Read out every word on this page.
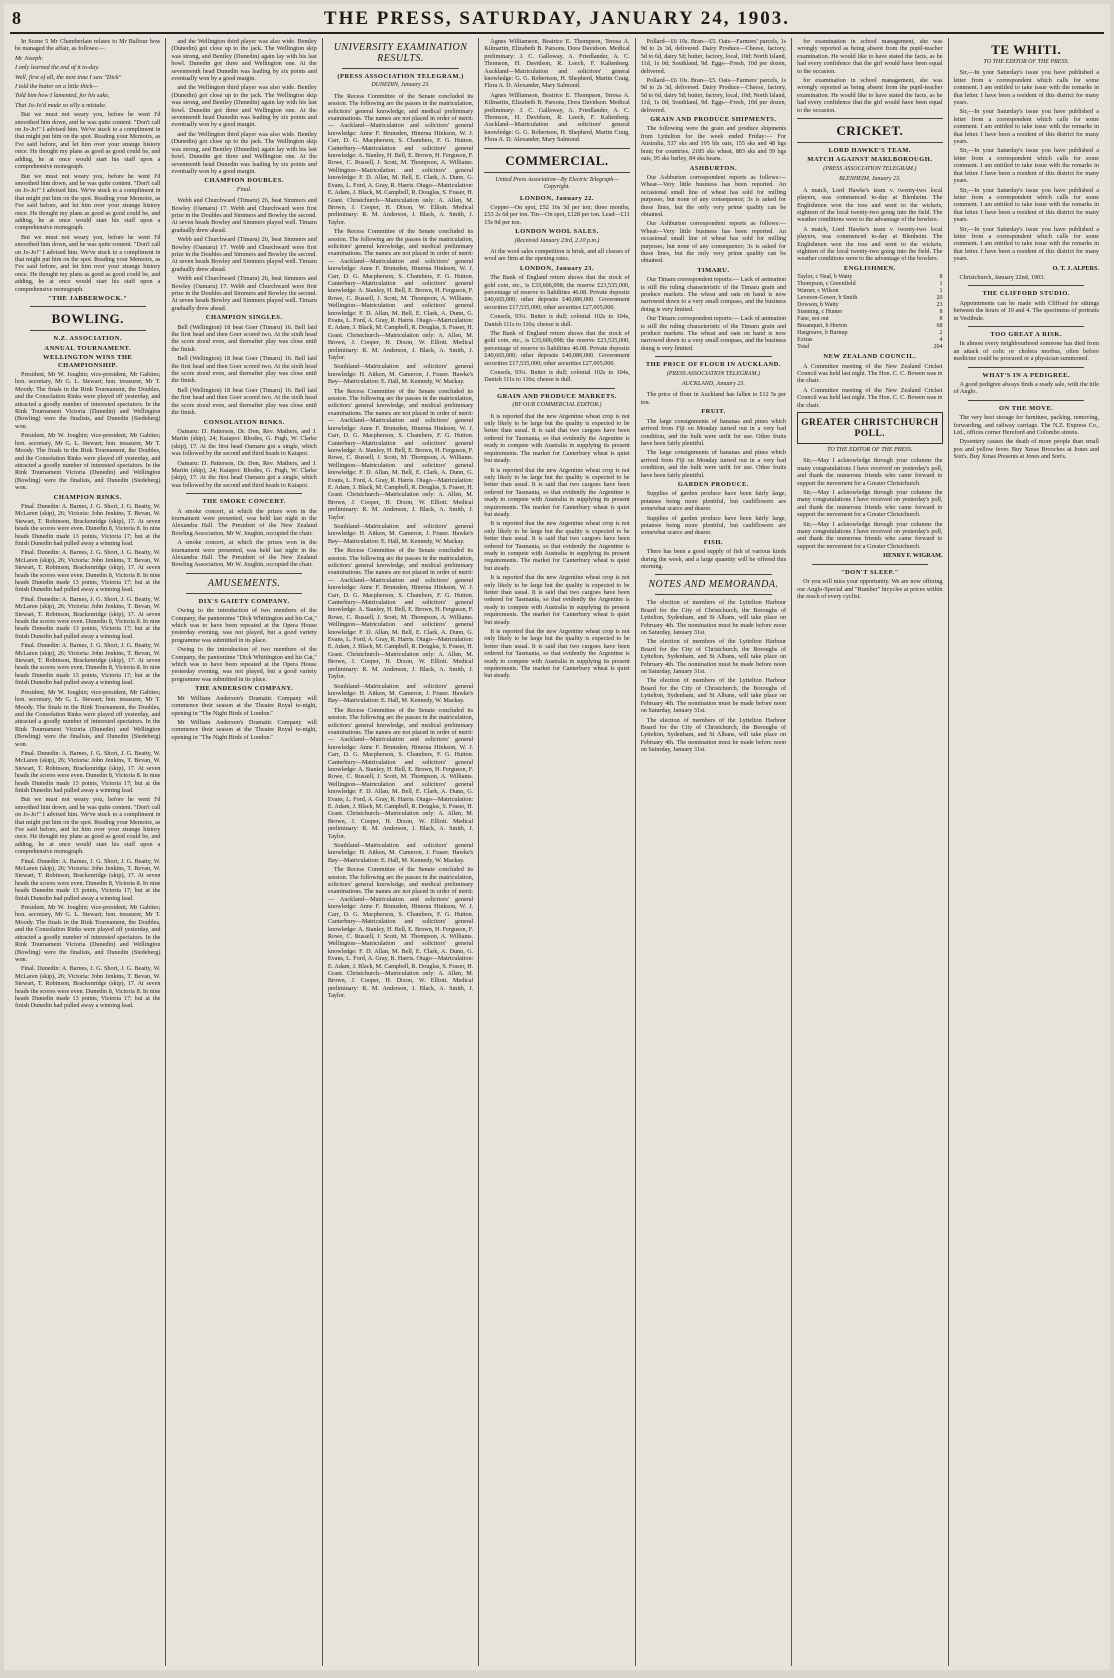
8	THE PRESS, SATURDAY, JANUARY 24, 1903.

In Scene 5 Mr Chamberlain relates to Mr Balfour how he managed the affair, as follows:—

Mr Joseph:

I only learned the end of it to-day.

Well, first of all, the next time I saw "Dick"

I told the butter on a little thick—

Told him how I lamented, for his sake,

That Jo-Jo'd made so silly a mistake.

But we must not weary you, before he went I'd smoothed him down, and he was quite content. "Don't call on Jo-Jo!" I advised him. We've stuck to a compliment in that might put him on the spot. Reading your Memoirs, as I've said before, and let him over your strange history once. He thought my plans as good as good could be, and adding, he at once would start his staff upon a comprehensive monograph.

But we must not weary you, before he went I'd smoothed him down, and he was quite content. "Don't call on Jo-Jo!" I advised him. We've stuck to a compliment in that might put him on the spot. Reading your Memoirs, as I've said before, and let him over your strange history once. He thought my plans as good as good could be, and adding, he at once would start his staff upon a comprehensive monograph.

But we must not weary you, before he went I'd smoothed him down, and he was quite content. "Don't call on Jo-Jo!" I advised him. We've stuck to a compliment in that might put him on the spot. Reading your Memoirs, as I've said before, and let him over your strange history once. He thought my plans as good as good could be, and adding, he at once would start his staff upon a comprehensive monograph.

"THE JABBERWOCK."
BOWLING.
N.Z. ASSOCIATION.
ANNUAL TOURNAMENT.
WELLINGTON WINS THE CHAMPIONSHIP.

President, Mr W. Joughin; vice-president, Mr Gabites; hon. secretary, Mr G. L. Stewart; hon. treasurer, Mr T. Moody. The finals in the Rink Tournament, the Doubles, and the Consolation Rinks were played off yesterday, and attracted a goodly number of interested spectators. In the Rink Tournament Victoria (Dunedin) and Wellington (Bowling) were the finalists, and Dunedin (Siedeberg) won.

President, Mr W. Joughin; vice-president, Mr Gabites; hon. secretary, Mr G. L. Stewart; hon. treasurer, Mr T. Moody. The finals in the Rink Tournament, the Doubles, and the Consolation Rinks were played off yesterday, and attracted a goodly number of interested spectators. In the Rink Tournament Victoria (Dunedin) and Wellington (Bowling) were the finalists, and Dunedin (Siedeberg) won.

CHAMPION RINKS.

Final. Dunedin: A. Barnes, J. G. Short, J. G. Beatty, W. McLaren (skip), 26; Victoria: John Jenkins, T. Bevan, W. Stewart, T. Robinson, Brackenridge (skip), 17. At seven heads the scores were even. Dunedin 8, Victoria 8. In nine heads Dunedin made 13 points, Victoria 17; but at the finish Dunedin had pulled away a winning lead.

Final. Dunedin: A. Barnes, J. G. Short, J. G. Beatty, W. McLaren (skip), 26; Victoria: John Jenkins, T. Bevan, W. Stewart, T. Robinson, Brackenridge (skip), 17. At seven heads the scores were even. Dunedin 8, Victoria 8. In nine heads Dunedin made 13 points, Victoria 17; but at the finish Dunedin had pulled away a winning lead.

Final. Dunedin: A. Barnes, J. G. Short, J. G. Beatty, W. McLaren (skip), 26; Victoria: John Jenkins, T. Bevan, W. Stewart, T. Robinson, Brackenridge (skip), 17. At seven heads the scores were even. Dunedin 8, Victoria 8. In nine heads Dunedin made 13 points, Victoria 17; but at the finish Dunedin had pulled away a winning lead.

Final. Dunedin: A. Barnes, J. G. Short, J. G. Beatty, W. McLaren (skip), 26; Victoria: John Jenkins, T. Bevan, W. Stewart, T. Robinson, Brackenridge (skip), 17. At seven heads the scores were even. Dunedin 8, Victoria 8. In nine heads Dunedin made 13 points, Victoria 17; but at the finish Dunedin had pulled away a winning lead.

President, Mr W. Joughin; vice-president, Mr Gabites; hon. secretary, Mr G. L. Stewart; hon. treasurer, Mr T. Moody. The finals in the Rink Tournament, the Doubles, and the Consolation Rinks were played off yesterday, and attracted a goodly number of interested spectators. In the Rink Tournament Victoria (Dunedin) and Wellington (Bowling) were the finalists, and Dunedin (Siedeberg) won.

Final. Dunedin: A. Barnes, J. G. Short, J. G. Beatty, W. McLaren (skip), 26; Victoria: John Jenkins, T. Bevan, W. Stewart, T. Robinson, Brackenridge (skip), 17. At seven heads the scores were even. Dunedin 8, Victoria 8. In nine heads Dunedin made 13 points, Victoria 17; but at the finish Dunedin had pulled away a winning lead.

But we must not weary you, before he went I'd smoothed him down, and he was quite content. "Don't call on Jo-Jo!" I advised him. We've stuck to a compliment in that might put him on the spot. Reading your Memoirs, as I've said before, and let him over your strange history once. He thought my plans as good as good could be, and adding, he at once would start his staff upon a comprehensive monograph.

Final. Dunedin: A. Barnes, J. G. Short, J. G. Beatty, W. McLaren (skip), 26; Victoria: John Jenkins, T. Bevan, W. Stewart, T. Robinson, Brackenridge (skip), 17. At seven heads the scores were even. Dunedin 8, Victoria 8. In nine heads Dunedin made 13 points, Victoria 17; but at the finish Dunedin had pulled away a winning lead.

President, Mr W. Joughin; vice-president, Mr Gabites; hon. secretary, Mr G. L. Stewart; hon. treasurer, Mr T. Moody. The finals in the Rink Tournament, the Doubles, and the Consolation Rinks were played off yesterday, and attracted a goodly number of interested spectators. In the Rink Tournament Victoria (Dunedin) and Wellington (Bowling) were the finalists, and Dunedin (Siedeberg) won.

Final. Dunedin: A. Barnes, J. G. Short, J. G. Beatty, W. McLaren (skip), 26; Victoria: John Jenkins, T. Bevan, W. Stewart, T. Robinson, Brackenridge (skip), 17. At seven heads the scores were even. Dunedin 8, Victoria 8. In nine heads Dunedin made 13 points, Victoria 17; but at the finish Dunedin had pulled away a winning lead.

and the Wellington third player was also wide. Bentley (Dunedin) got close up to the jack. The Wellington skip was strong, and Bentley (Dunedin) again lay with his last bowl. Dunedin got three and Wellington one. At the seventeenth head Dunedin was leading by six points and eventually won by a good margin.

and the Wellington third player was also wide. Bentley (Dunedin) got close up to the jack. The Wellington skip was strong, and Bentley (Dunedin) again lay with his last bowl. Dunedin got three and Wellington one. At the seventeenth head Dunedin was leading by six points and eventually won by a good margin.

and the Wellington third player was also wide. Bentley (Dunedin) got close up to the jack. The Wellington skip was strong, and Bentley (Dunedin) again lay with his last bowl. Dunedin got three and Wellington one. At the seventeenth head Dunedin was leading by six points and eventually won by a good margin.

CHAMPION DOUBLES.
Final.

Webb and Churchward (Timaru) 26, beat Simmers and Bowley (Oamaru) 17. Webb and Churchward were first prize in the Doubles and Simmers and Bowley the second. At seven heads Bowley and Simmers played well. Timaru gradually drew ahead.

Webb and Churchward (Timaru) 26, beat Simmers and Bowley (Oamaru) 17. Webb and Churchward were first prize in the Doubles and Simmers and Bowley the second. At seven heads Bowley and Simmers played well. Timaru gradually drew ahead.

Webb and Churchward (Timaru) 26, beat Simmers and Bowley (Oamaru) 17. Webb and Churchward were first prize in the Doubles and Simmers and Bowley the second. At seven heads Bowley and Simmers played well. Timaru gradually drew ahead.

CHAMPION SINGLES.

Bell (Wellington) 18 beat Goer (Timaru) 16. Bell laid the first head and then Goer scored two. At the sixth head the score stood even, and thereafter play was close until the finish.

Bell (Wellington) 18 beat Goer (Timaru) 16. Bell laid the first head and then Goer scored two. At the sixth head the score stood even, and thereafter play was close until the finish.

Bell (Wellington) 18 beat Goer (Timaru) 16. Bell laid the first head and then Goer scored two. At the sixth head the score stood even, and thereafter play was close until the finish.

CONSOLATION RINKS.

Oamaru: D. Patterson, Dr. Don, Rev. Mathers, and J. Martin (skip), 24; Kaiapoi: Rhodes, G. Pugh, W. Clarke (skip), 17. At the first head Oamaru got a single, which was followed by the second and third heads to Kaiapoi.

Oamaru: D. Patterson, Dr. Don, Rev. Mathers, and J. Martin (skip), 24; Kaiapoi: Rhodes, G. Pugh, W. Clarke (skip), 17. At the first head Oamaru got a single, which was followed by the second and third heads to Kaiapoi.

THE SMOKE CONCERT.

A smoke concert, at which the prizes won in the tournament were presented, was held last night in the Alexandra Hall. The President of the New Zealand Bowling Association, Mr W. Joughin, occupied the chair.

A smoke concert, at which the prizes won in the tournament were presented, was held last night in the Alexandra Hall. The President of the New Zealand Bowling Association, Mr W. Joughin, occupied the chair.

AMUSEMENTS.
DIX'S GAIETY COMPANY.

Owing to the introduction of two members of the Company, the pantomime "Dick Whittington and his Cat," which was to have been repeated at the Opera House yesterday evening, was not played, but a good variety programme was submitted in its place.

Owing to the introduction of two members of the Company, the pantomime "Dick Whittington and his Cat," which was to have been repeated at the Opera House yesterday evening, was not played, but a good variety programme was submitted in its place.

THE ANDERSON COMPANY.

Mr William Anderson's Dramatic Company will commence their season at the Theatre Royal to-night, opening in "The Night Birds of London."

Mr William Anderson's Dramatic Company will commence their season at the Theatre Royal to-night, opening in "The Night Birds of London."

UNIVERSITY EXAMINATION RESULTS.
(PRESS ASSOCIATION TELEGRAM.)
DUNEDIN, January 23.

The Recess Committee of the Senate concluded its session. The following are the passes in the matriculation, solicitors' general knowledge, and medical preliminary examinations. The names are not placed in order of merit:— Auckland—Matriculation and solicitors' general knowledge: Anne F. Brunsden, Hinerua Hinkson, W. J. Carr, D. G. Macpherson, S. Chambers, F. G. Hutton. Canterbury—Matriculation and solicitors' general knowledge: A. Stanley, H. Bell, E. Brown, H. Ferguson, F. Rowe, C. Russell, J. Scott, M. Thompson, A. Williams. Wellington—Matriculation and solicitors' general knowledge: F. D. Allan, M. Bell, E. Clark, A. Dunn, G. Evans, L. Ford, A. Gray, R. Harris. Otago—Matriculation: E. Adam, J. Black, M. Campbell, R. Douglas, S. Fraser, H. Grant. Christchurch—Matriculation only: A. Allen, M. Brown, J. Cooper, H. Dixon, W. Elliott. Medical preliminary: R. M. Anderson, J. Black, A. Smith, J. Taylor.

The Recess Committee of the Senate concluded its session. The following are the passes in the matriculation, solicitors' general knowledge, and medical preliminary examinations. The names are not placed in order of merit:— Auckland—Matriculation and solicitors' general knowledge: Anne F. Brunsden, Hinerua Hinkson, W. J. Carr, D. G. Macpherson, S. Chambers, F. G. Hutton. Canterbury—Matriculation and solicitors' general knowledge: A. Stanley, H. Bell, E. Brown, H. Ferguson, F. Rowe, C. Russell, J. Scott, M. Thompson, A. Williams. Wellington—Matriculation and solicitors' general knowledge: F. D. Allan, M. Bell, E. Clark, A. Dunn, G. Evans, L. Ford, A. Gray, R. Harris. Otago—Matriculation: E. Adam, J. Black, M. Campbell, R. Douglas, S. Fraser, H. Grant. Christchurch—Matriculation only: A. Allen, M. Brown, J. Cooper, H. Dixon, W. Elliott. Medical preliminary: R. M. Anderson, J. Black, A. Smith, J. Taylor.

Southland—Matriculation and solicitors' general knowledge: H. Aitken, M. Cameron, J. Fraser. Hawke's Bay—Matriculation: E. Hall, M. Kennedy, W. Mackay.

The Recess Committee of the Senate concluded its session. The following are the passes in the matriculation, solicitors' general knowledge, and medical preliminary examinations. The names are not placed in order of merit:— Auckland—Matriculation and solicitors' general knowledge: Anne F. Brunsden, Hinerua Hinkson, W. J. Carr, D. G. Macpherson, S. Chambers, F. G. Hutton. Canterbury—Matriculation and solicitors' general knowledge: A. Stanley, H. Bell, E. Brown, H. Ferguson, F. Rowe, C. Russell, J. Scott, M. Thompson, A. Williams. Wellington—Matriculation and solicitors' general knowledge: F. D. Allan, M. Bell, E. Clark, A. Dunn, G. Evans, L. Ford, A. Gray, R. Harris. Otago—Matriculation: E. Adam, J. Black, M. Campbell, R. Douglas, S. Fraser, H. Grant. Christchurch—Matriculation only: A. Allen, M. Brown, J. Cooper, H. Dixon, W. Elliott. Medical preliminary: R. M. Anderson, J. Black, A. Smith, J. Taylor.

Southland—Matriculation and solicitors' general knowledge: H. Aitken, M. Cameron, J. Fraser. Hawke's Bay—Matriculation: E. Hall, M. Kennedy, W. Mackay.

The Recess Committee of the Senate concluded its session. The following are the passes in the matriculation, solicitors' general knowledge, and medical preliminary examinations. The names are not placed in order of merit:— Auckland—Matriculation and solicitors' general knowledge: Anne F. Brunsden, Hinerua Hinkson, W. J. Carr, D. G. Macpherson, S. Chambers, F. G. Hutton. Canterbury—Matriculation and solicitors' general knowledge: A. Stanley, H. Bell, E. Brown, H. Ferguson, F. Rowe, C. Russell, J. Scott, M. Thompson, A. Williams. Wellington—Matriculation and solicitors' general knowledge: F. D. Allan, M. Bell, E. Clark, A. Dunn, G. Evans, L. Ford, A. Gray, R. Harris. Otago—Matriculation: E. Adam, J. Black, M. Campbell, R. Douglas, S. Fraser, H. Grant. Christchurch—Matriculation only: A. Allen, M. Brown, J. Cooper, H. Dixon, W. Elliott. Medical preliminary: R. M. Anderson, J. Black, A. Smith, J. Taylor.

Southland—Matriculation and solicitors' general knowledge: H. Aitken, M. Cameron, J. Fraser. Hawke's Bay—Matriculation: E. Hall, M. Kennedy, W. Mackay.

The Recess Committee of the Senate concluded its session. The following are the passes in the matriculation, solicitors' general knowledge, and medical preliminary examinations. The names are not placed in order of merit:— Auckland—Matriculation and solicitors' general knowledge: Anne F. Brunsden, Hinerua Hinkson, W. J. Carr, D. G. Macpherson, S. Chambers, F. G. Hutton. Canterbury—Matriculation and solicitors' general knowledge: A. Stanley, H. Bell, E. Brown, H. Ferguson, F. Rowe, C. Russell, J. Scott, M. Thompson, A. Williams. Wellington—Matriculation and solicitors' general knowledge: F. D. Allan, M. Bell, E. Clark, A. Dunn, G. Evans, L. Ford, A. Gray, R. Harris. Otago—Matriculation: E. Adam, J. Black, M. Campbell, R. Douglas, S. Fraser, H. Grant. Christchurch—Matriculation only: A. Allen, M. Brown, J. Cooper, H. Dixon, W. Elliott. Medical preliminary: R. M. Anderson, J. Black, A. Smith, J. Taylor.

Southland—Matriculation and solicitors' general knowledge: H. Aitken, M. Cameron, J. Fraser. Hawke's Bay—Matriculation: E. Hall, M. Kennedy, W. Mackay.

The Recess Committee of the Senate concluded its session. The following are the passes in the matriculation, solicitors' general knowledge, and medical preliminary examinations. The names are not placed in order of merit:— Auckland—Matriculation and solicitors' general knowledge: Anne F. Brunsden, Hinerua Hinkson, W. J. Carr, D. G. Macpherson, S. Chambers, F. G. Hutton. Canterbury—Matriculation and solicitors' general knowledge: A. Stanley, H. Bell, E. Brown, H. Ferguson, F. Rowe, C. Russell, J. Scott, M. Thompson, A. Williams. Wellington—Matriculation and solicitors' general knowledge: F. D. Allan, M. Bell, E. Clark, A. Dunn, G. Evans, L. Ford, A. Gray, R. Harris. Otago—Matriculation: E. Adam, J. Black, M. Campbell, R. Douglas, S. Fraser, H. Grant. Christchurch—Matriculation only: A. Allen, M. Brown, J. Cooper, H. Dixon, W. Elliott. Medical preliminary: R. M. Anderson, J. Black, A. Smith, J. Taylor.

Agnes Williamson, Beatrice E. Thompson, Teresa A. Kilmartin, Elizabeth B. Parsons, Dora Davidson. Medical preliminary: J. C. Galloway, A. Friedlander, A. C. Thomson, H. Davidson, R. Leech, F. Kaltenberg. Auckland—Matriculation and solicitors' general knowledge: G. G. Robertson, H. Shepherd, Martin Craig, Flora A. D. Alexander, Mary Salmond.

Agnes Williamson, Beatrice E. Thompson, Teresa A. Kilmartin, Elizabeth B. Parsons, Dora Davidson. Medical preliminary: J. C. Galloway, A. Friedlander, A. C. Thomson, H. Davidson, R. Leech, F. Kaltenberg. Auckland—Matriculation and solicitors' general knowledge: G. G. Robertson, H. Shepherd, Martin Craig, Flora A. D. Alexander, Mary Salmond.

COMMERCIAL.
United Press Association—By Electric Telegraph—Copyright.
LONDON, January 22.

Copper—On spot, £52 16s 3d per ton; three months, £53 2s 6d per ton. Tin—On spot, £128 per ton. Lead—£11 15s 9d per ton.

LONDON WOOL SALES.
(Received January 23rd, 2.10 p.m.)

At the wool sales competition is brisk, and all classes of wool are firm at the opening rates.

LONDON, January 23.

The Bank of England return shows that the stock of gold coin, etc., is £33,606,098; the reserve £23,535,000, percentage of reserve to liabilities 46.08. Private deposits £40,665,000; other deposits £40,086,000. Government securities £17,535,000; other securities £27,005,000.

Consols, 93¼. Butter is dull; colonial 102s to 104s, Danish 111s to 116s; cheese is dull.

The Bank of England return shows that the stock of gold coin, etc., is £33,606,098; the reserve £23,535,000, percentage of reserve to liabilities 46.08. Private deposits £40,665,000; other deposits £40,086,000. Government securities £17,535,000; other securities £27,005,000.

Consols, 93¼. Butter is dull; colonial 102s to 104s, Danish 111s to 116s; cheese is dull.

GRAIN AND PRODUCE MARKETS.
(BY OUR COMMERCIAL EDITOR.)

It is reported that the new Argentine wheat crop is not only likely to be large but the quality is expected to be better than usual. It is said that two cargoes have been ordered for Tasmania, so that evidently the Argentine is ready to compete with Australia in supplying its present requirements. The market for Canterbury wheat is quiet but steady.

It is reported that the new Argentine wheat crop is not only likely to be large but the quality is expected to be better than usual. It is said that two cargoes have been ordered for Tasmania, so that evidently the Argentine is ready to compete with Australia in supplying its present requirements. The market for Canterbury wheat is quiet but steady.

It is reported that the new Argentine wheat crop is not only likely to be large but the quality is expected to be better than usual. It is said that two cargoes have been ordered for Tasmania, so that evidently the Argentine is ready to compete with Australia in supplying its present requirements. The market for Canterbury wheat is quiet but steady.

It is reported that the new Argentine wheat crop is not only likely to be large but the quality is expected to be better than usual. It is said that two cargoes have been ordered for Tasmania, so that evidently the Argentine is ready to compete with Australia in supplying its present requirements. The market for Canterbury wheat is quiet but steady.

It is reported that the new Argentine wheat crop is not only likely to be large but the quality is expected to be better than usual. It is said that two cargoes have been ordered for Tasmania, so that evidently the Argentine is ready to compete with Australia in supplying its present requirements. The market for Canterbury wheat is quiet but steady.

Pollard—£6 10s. Bran—£5. Oats—Farmers' parcels, 1s 9d to 2s 3d, delivered. Dairy Produce—Cheese, factory, 5d to 6d, dairy 5d; butter, factory, local, 10d; North Island, 11d, 1s 0d; Southland, 9d. Eggs—Fresh, 10d per dozen, delivered.

Pollard—£6 10s. Bran—£5. Oats—Farmers' parcels, 1s 9d to 2s 3d, delivered. Dairy Produce—Cheese, factory, 5d to 6d, dairy 5d; butter, factory, local, 10d; North Island, 11d, 1s 0d; Southland, 9d. Eggs—Fresh, 10d per dozen, delivered.

GRAIN AND PRODUCE SHIPMENTS.

The following were the grain and produce shipments from Lyttelton for the week ended Friday:— For Australia, 537 sks and 195 bls oats, 155 sks and 48 bgs bran; for countries, 2185 sks wheat, 883 sks and 59 bgs oats, 95 sks barley, 84 sks beans.

ASHBURTON.

Our Ashburton correspondent reports as follows:— Wheat—Very little business has been reported. An occasional small line of wheat has sold for milling purposes, but none of any consequence; 3s is asked for these lines, but the only very prime quality can be obtained.

Our Ashburton correspondent reports as follows:— Wheat—Very little business has been reported. An occasional small line of wheat has sold for milling purposes, but none of any consequence; 3s is asked for these lines, but the only very prime quality can be obtained.

TIMARU.

Our Timaru correspondent reports:— Lack of animation is still the ruling characteristic of the Timaru grain and produce markets. The wheat and oats on hand is now narrowed down to a very small compass, and the business doing is very limited.

Our Timaru correspondent reports:— Lack of animation is still the ruling characteristic of the Timaru grain and produce markets. The wheat and oats on hand is now narrowed down to a very small compass, and the business doing is very limited.

THE PRICE OF FLOUR IN AUCKLAND.
(PRESS ASSOCIATION TELEGRAM.)
AUCKLAND, January 23.

The price of flour in Auckland has fallen to £12 5s per ton.

FRUIT.

The large consignments of bananas and pines which arrived from Fiji on Monday turned out in a very bad condition, and the bulk were unfit for use. Other fruits have been fairly plentiful.

The large consignments of bananas and pines which arrived from Fiji on Monday turned out in a very bad condition, and the bulk were unfit for use. Other fruits have been fairly plentiful.

GARDEN PRODUCE.

Supplies of garden produce have been fairly large, potatoes being more plentiful, but cauliflowers are somewhat scarce and dearer.

Supplies of garden produce have been fairly large, potatoes being more plentiful, but cauliflowers are somewhat scarce and dearer.

FISH.

There has been a good supply of fish of various kinds during the week, and a large quantity will be offered this morning.

NOTES AND MEMORANDA.

The election of members of the Lyttelton Harbour Board for the City of Christchurch, the Boroughs of Lyttelton, Sydenham, and St Albans, will take place on February 4th. The nomination must be made before noon on Saturday, January 31st.

The election of members of the Lyttelton Harbour Board for the City of Christchurch, the Boroughs of Lyttelton, Sydenham, and St Albans, will take place on February 4th. The nomination must be made before noon on Saturday, January 31st.

The election of members of the Lyttelton Harbour Board for the City of Christchurch, the Boroughs of Lyttelton, Sydenham, and St Albans, will take place on February 4th. The nomination must be made before noon on Saturday, January 31st.

The election of members of the Lyttelton Harbour Board for the City of Christchurch, the Boroughs of Lyttelton, Sydenham, and St Albans, will take place on February 4th. The nomination must be made before noon on Saturday, January 31st.

for examination in school management, she was wrongly reported as being absent from the pupil-teacher examination. He would like to have stated the facts, as he had every confidence that the girl would have been equal to the occasion.

for examination in school management, she was wrongly reported as being absent from the pupil-teacher examination. He would like to have stated the facts, as he had every confidence that the girl would have been equal to the occasion.

CRICKET.
LORD HAWKE'S TEAM.
MATCH AGAINST MARLBOROUGH.
(PRESS ASSOCIATION TELEGRAM.)
BLENHEIM, January 23.

A match, Lord Hawke's team v. twenty-two local players, was commenced to-day at Blenheim. The Englishmen won the toss and went to the wickets, eighteen of the local twenty-two going into the field. The weather conditions were to the advantage of the bowlers.

A match, Lord Hawke's team v. twenty-two local players, was commenced to-day at Blenheim. The Englishmen won the toss and went to the wickets, eighteen of the local twenty-two going into the field. The weather conditions were to the advantage of the bowlers.

ENGLISHMEN.
Taylor, c Neal, b Watty	8
Thompson, c Greenfield	1
Warner, c Wilson	1
Leveson-Gower, b Smith	20
Dowson, b Watty	23
Stanning, c Hunter	8
Fane, not out	8
Bosanquet, b Horton	68
Hargreave, b Burnup	2
Extras	4
Total	204
NEW ZEALAND COUNCIL.

A Committee meeting of the New Zealand Cricket Council was held last night. The Hon. C. C. Bowen was in the chair.

A Committee meeting of the New Zealand Cricket Council was held last night. The Hon. C. C. Bowen was in the chair.

GREATER CHRISTCHURCH POLL.
TO THE EDITOR OF THE PRESS.

Sir,—May I acknowledge through your columns the many congratulations I have received on yesterday's poll, and thank the numerous friends who came forward to support the movement for a Greater Christchurch.

Sir,—May I acknowledge through your columns the many congratulations I have received on yesterday's poll, and thank the numerous friends who came forward to support the movement for a Greater Christchurch.

Sir,—May I acknowledge through your columns the many congratulations I have received on yesterday's poll, and thank the numerous friends who came forward to support the movement for a Greater Christchurch.

HENRY F. WIGRAM.
"DON'T SLEEP."

Or you will miss your opportunity. We are now offering our Anglo-Special and "Rumber" bicycles at prices within the reach of every cyclist.

TE WHITI.
TO THE EDITOR OF THE PRESS.

Sir,—In your Saturday's issue you have published a letter from a correspondent which calls for some comment. I am entitled to take issue with the remarks in that letter. I have been a resident of this district for many years.

Sir,—In your Saturday's issue you have published a letter from a correspondent which calls for some comment. I am entitled to take issue with the remarks in that letter. I have been a resident of this district for many years.

Sir,—In your Saturday's issue you have published a letter from a correspondent which calls for some comment. I am entitled to take issue with the remarks in that letter. I have been a resident of this district for many years.

Sir,—In your Saturday's issue you have published a letter from a correspondent which calls for some comment. I am entitled to take issue with the remarks in that letter. I have been a resident of this district for many years.

Sir,—In your Saturday's issue you have published a letter from a correspondent which calls for some comment. I am entitled to take issue with the remarks in that letter. I have been a resident of this district for many years.

O. T. J. ALPERS.

Christchurch, January 22nd, 1903.

THE CLIFFORD STUDIO.

Appointments can be made with Clifford for sittings between the hours of 10 and 4. The specimens of portraits in Vestibule.

TOO GREAT A RISK.

In almost every neighbourhood someone has died from an attack of colic or cholera morbus, often before medicine could be procured or a physician summoned.

WHAT'S IN A PEDIGREE.

A good pedigree always finds a ready sale, with the title of Anglo.

ON THE MOVE.

The very best storage for furniture, packing, removing, forwarding, and railway carriage. The N.Z. Express Co., Ltd., offices corner Hereford and Colombo streets.

Dysentery causes the death of more people than small pox and yellow fever. Buy Xmas Brooches at Jones and Son's. Buy Xmas Presents at Jones and Son's.
